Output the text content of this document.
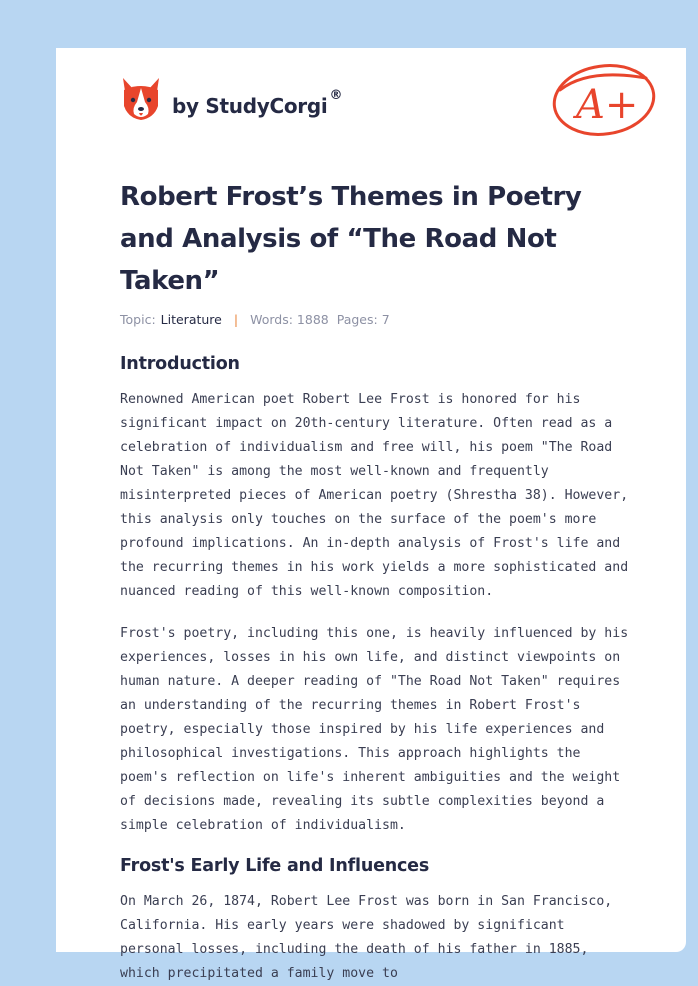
by StudyCorgi ®	A+
Robert Frost’s Themes in Poetry and Analysis of “The Road Not Taken”
Topic: Literature | Words: 1888 Pages: 7
Introduction

Renowned American poet Robert Lee Frost is honored for his significant impact on 20th-century literature. Often read as a celebration of individualism and free will, his poem "The Road Not Taken" is among the most well-known and frequently misinterpreted pieces of American poetry (Shrestha 38). However, this analysis only touches on the surface of the poem's more profound implications. An in-depth analysis of Frost's life and the recurring themes in his work yields a more sophisticated and nuanced reading of this well-known composition.

Frost's poetry, including this one, is heavily influenced by his experiences, losses in his own life, and distinct viewpoints on human nature. A deeper reading of "The Road Not Taken" requires an understanding of the recurring themes in Robert Frost's poetry, especially those inspired by his life experiences and philosophical investigations. This approach highlights the poem's reflection on life's inherent ambiguities and the weight of decisions made, revealing its subtle complexities beyond a simple celebration of individualism.

Frost's Early Life and Influences

On March 26, 1874, Robert Lee Frost was born in San Francisco, California. His early years were shadowed by significant personal losses, including the death of his father in 1885, which precipitated a family move to
